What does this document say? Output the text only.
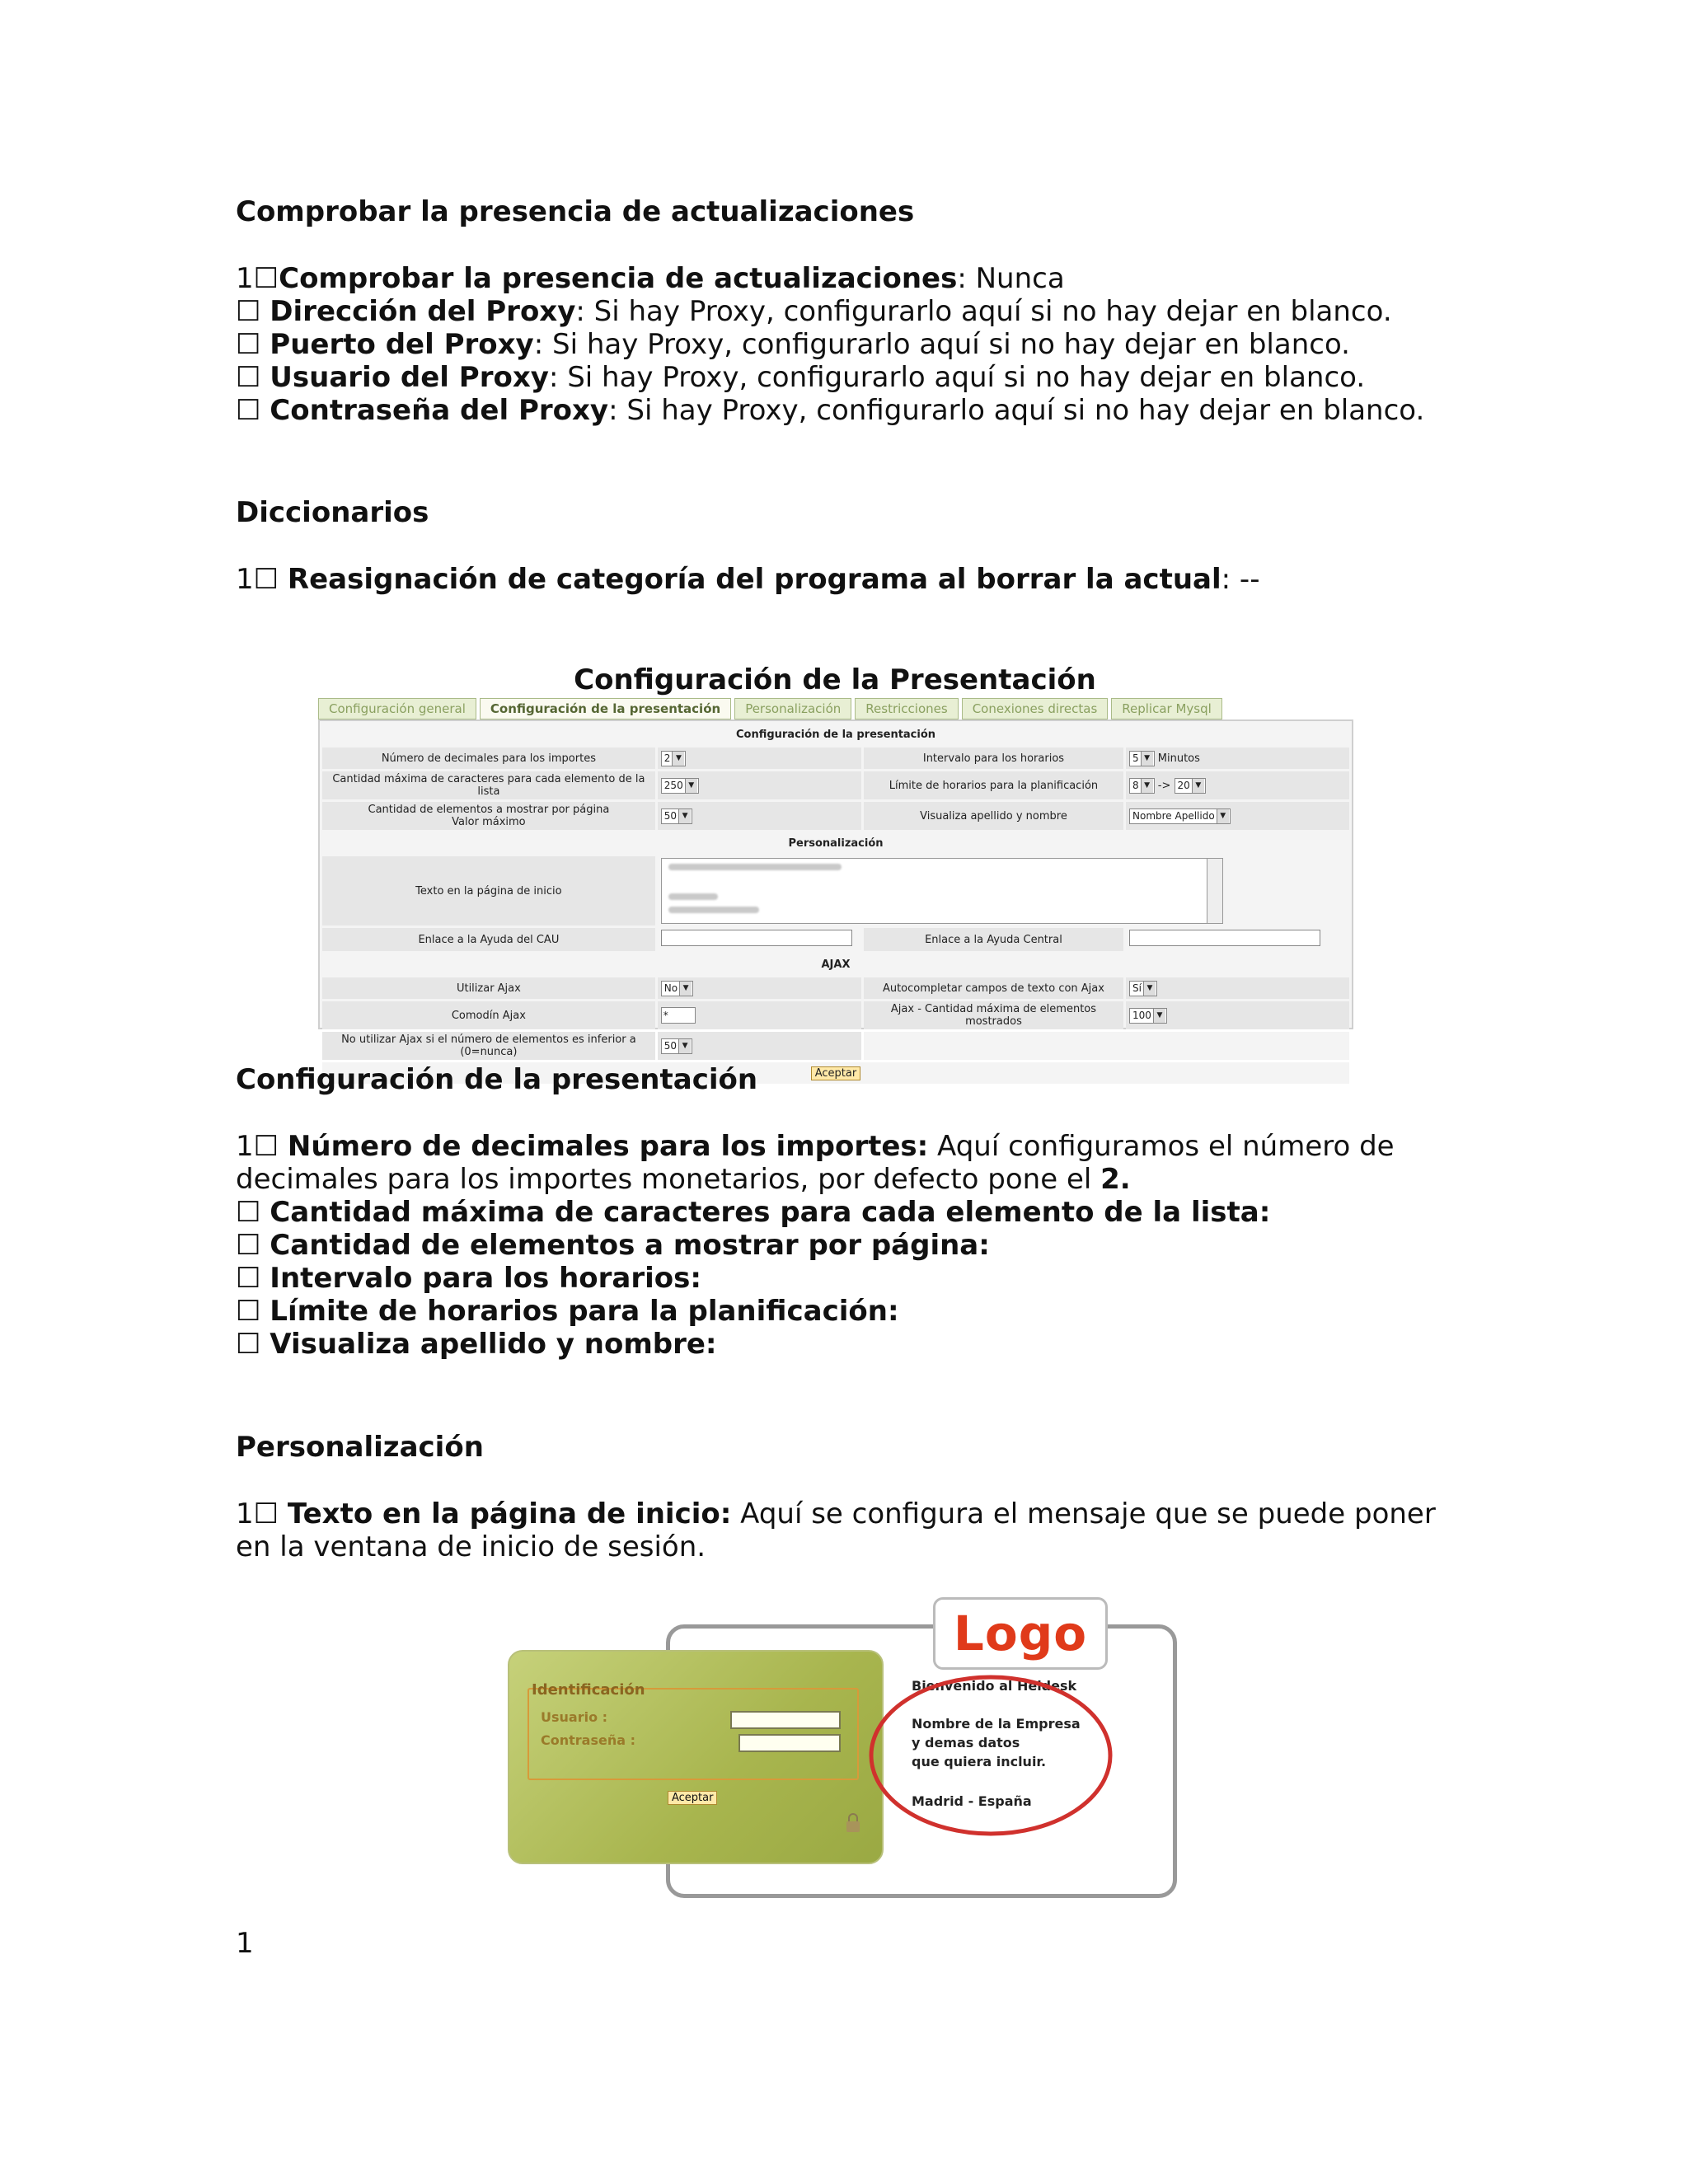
Comprobar la presencia de actualizaciones

1☐Comprobar la presencia de actualizaciones: Nunca

☐ Dirección del Proxy: Si hay Proxy, configurarlo aquí si no hay dejar en blanco.

☐ Puerto del Proxy: Si hay Proxy, configurarlo aquí si no hay dejar en blanco.

☐ Usuario del Proxy: Si hay Proxy, configurarlo aquí si no hay dejar en blanco.

☐ Contraseña del Proxy: Si hay Proxy, configurarlo aquí si no hay dejar en blanco.

Diccionarios

1☐ Reasignación de categoría del programa al borrar la actual: --

Configuración de la Presentación

Configuración general	Configuración de la presentación	Personalización	Restricciones	Conexiones directas	Replicar Mysql
Configuración de la presentación			
Número de decimales para los importes	2 ▼	Intervalo para los horarios	5 ▼ Minutos
Cantidad máxima de caracteres para cada elemento de la lista	250 ▼	Límite de horarios para la planificación	8 ▼ -> 20 ▼
Cantidad de elementos a mostrar por página
Valor máximo	50 ▼	Visualiza apellido y nombre	Nombre Apellido ▼
Personalización			
Texto en la página de inicio			

Enlace a la Ayuda del CAU		Enlace a la Ayuda Central	
AJAX			
Utilizar Ajax	No ▼	Autocompletar campos de texto con Ajax	Sí ▼
Comodín Ajax	*	Ajax - Cantidad máxima de elementos mostrados	100 ▼
No utilizar Ajax si el número de elementos es inferior a (0=nunca)	50 ▼	
Aceptar			

Configuración de la presentación

1☐ Número de decimales para los importes: Aquí configuramos el número de decimales para los importes monetarios, por defecto pone el 2.

☐ Cantidad máxima de caracteres para cada elemento de la lista:

☐ Cantidad de elementos a mostrar por página:

☐ Intervalo para los horarios:

☐ Límite de horarios para la planificación:

☐ Visualiza apellido y nombre:

Personalización

1☐ Texto en la página de inicio: Aquí se configura el mensaje que se puede poner en la ventana de inicio de sesión.

Logo
Identificación
Usuario :
Contraseña :
Aceptar
Bienvenido al Heldesk
Nombre de la Empresa
y demas datos
que quiera incluir.
Madrid - España

1
